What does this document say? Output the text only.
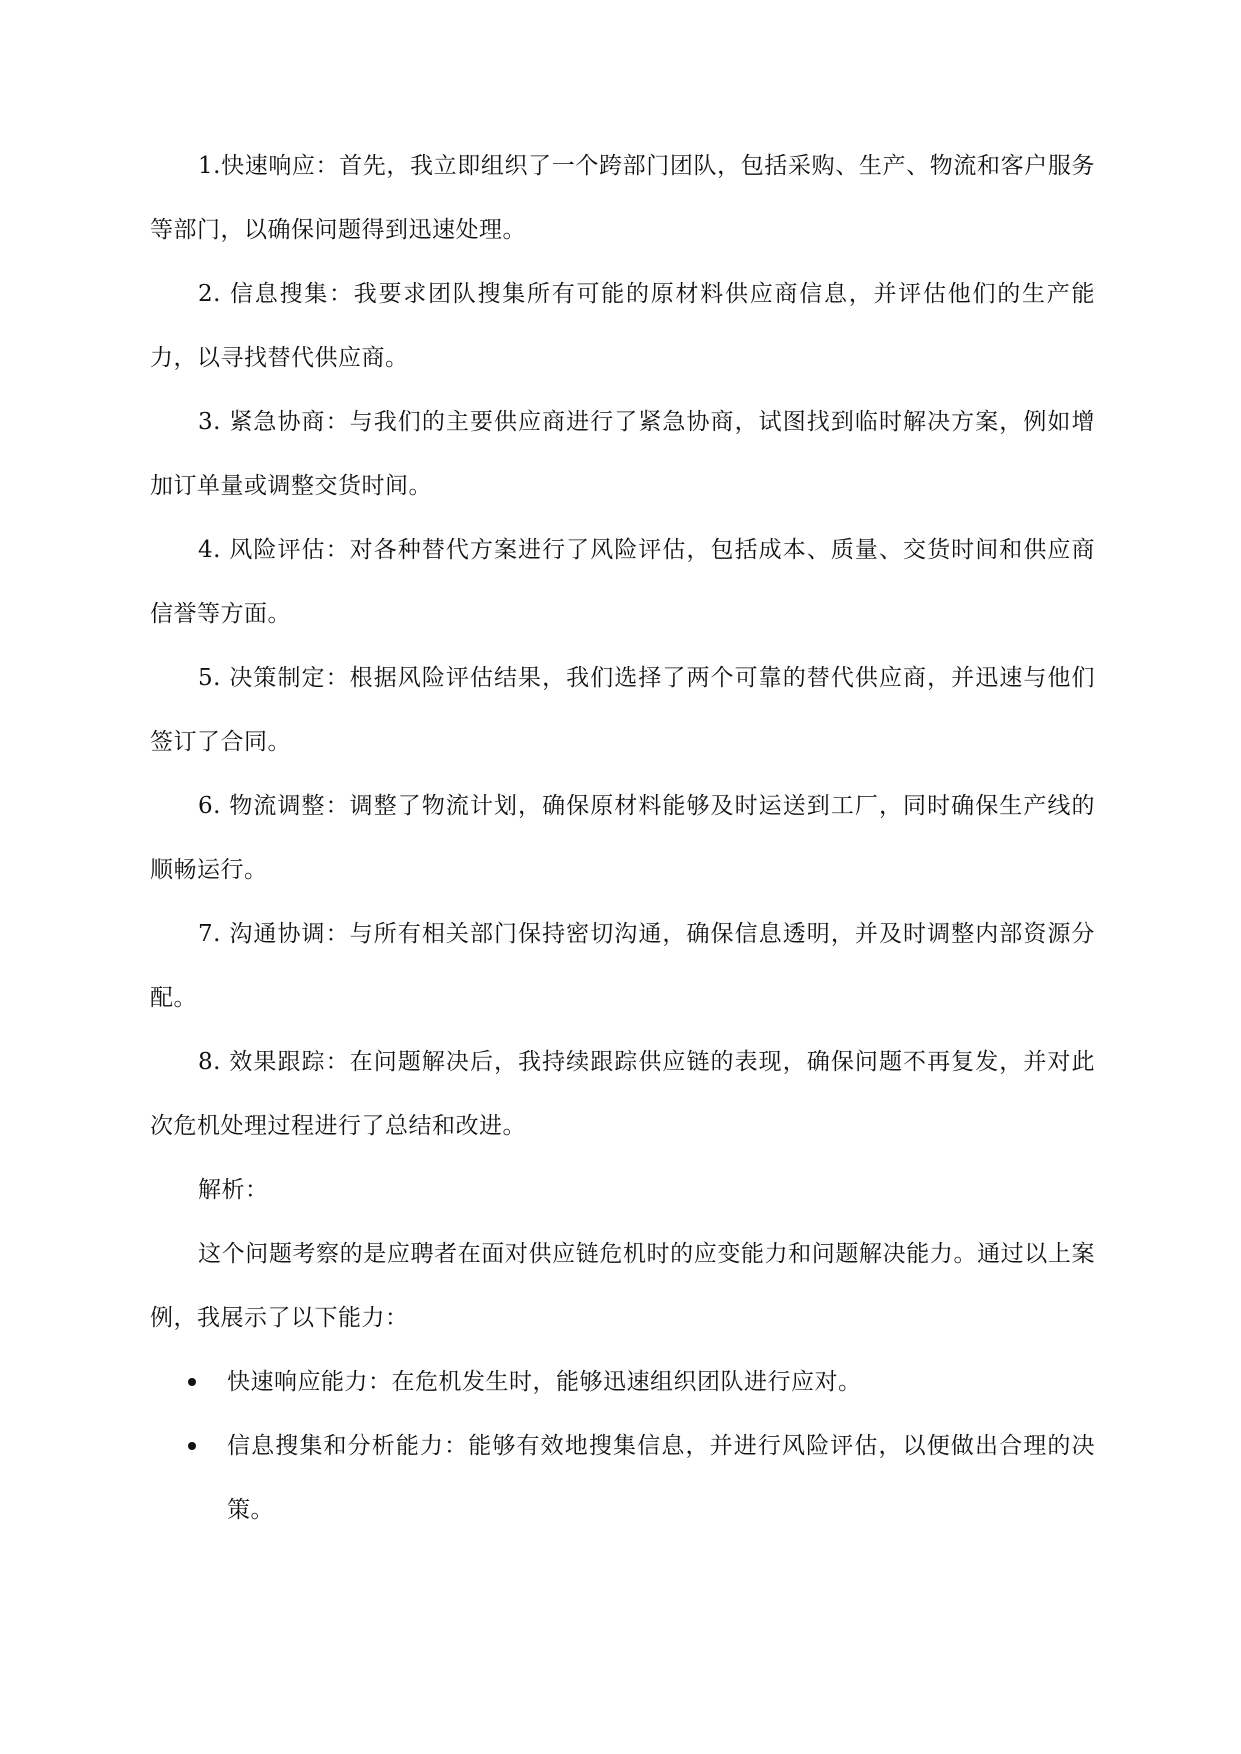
1.快速响应：首先，我立即组织了一个跨部门团队，包括采购、生产、物流和客户服务等部门，以确保问题得到迅速处理。

2. 信息搜集：我要求团队搜集所有可能的原材料供应商信息，并评估他们的生产能力，以寻找替代供应商。

3. 紧急协商：与我们的主要供应商进行了紧急协商，试图找到临时解决方案，例如增加订单量或调整交货时间。

4. 风险评估：对各种替代方案进行了风险评估，包括成本、质量、交货时间和供应商信誉等方面。

5. 决策制定：根据风险评估结果，我们选择了两个可靠的替代供应商，并迅速与他们签订了合同。

6. 物流调整：调整了物流计划，确保原材料能够及时运送到工厂，同时确保生产线的顺畅运行。

7. 沟通协调：与所有相关部门保持密切沟通，确保信息透明，并及时调整内部资源分配。

8. 效果跟踪：在问题解决后，我持续跟踪供应链的表现，确保问题不再复发，并对此次危机处理过程进行了总结和改进。

解析：

这个问题考察的是应聘者在面对供应链危机时的应变能力和问题解决能力。通过以上案例，我展示了以下能力：

快速响应能力：在危机发生时，能够迅速组织团队进行应对。
信息搜集和分析能力：能够有效地搜集信息，并进行风险评估，以便做出合理的决策。
